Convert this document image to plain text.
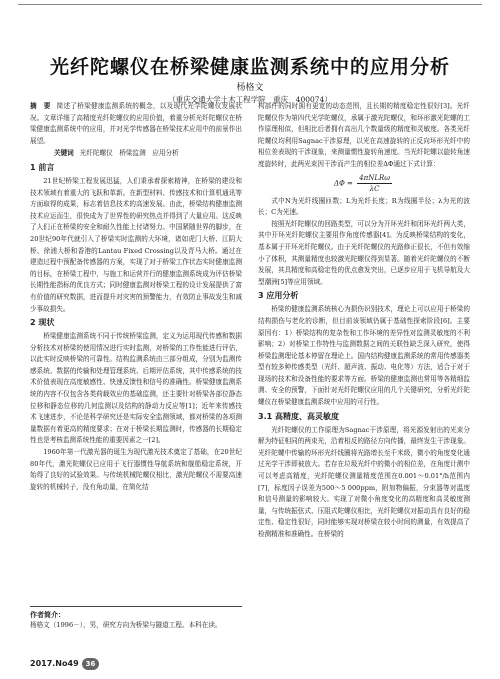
光纤陀螺仪在桥梁健康监测系统中的应用分析
杨格文
（重庆交通大学土木工程学院　重庆　400074）

摘　要 简述了桥梁健康监测系统的概念，以及现代光学陀螺仪发展状况。文章详细了高精度光纤陀螺仪的应用价值，着重分析光纤陀螺仪在桥梁健康监测系统中的应用，并对光学传感器在桥梁技术应用中的前景作出展望。

关键词 光纤陀螺仪　桥梁监测　应用分析

1 前言

21世纪桥梁工程发展迅猛，人们秉承着探索精神，在桥梁的建设和技术领域有着重大的飞跃和革新。在新型材料、传感技术和计算机通讯等方面取得的成果，标志着信息技术的高速发展。由此，桥梁结构健康监测技术应运而生，很快成为了世界性的研究热点并得到了大量应用。这反映了人们正在桥梁的安全和耐久性能上付诸努力。中国紧随世界的脚步，在20世纪90年代就引入了桥梁实时监测的大环境，诸如虎门大桥、江阴大桥、徐浦大桥和香港的Lantau Fixed Crossing以及青马大桥。通过在建造过程中预配备传感器的方案，实现了对于桥梁工作状态实时健康监测的目标，在桥梁工程中，与施工和运营并行的健康监测系统成为评估桥梁长期性能指标的优良方式；同时健康监测对桥梁工程的设计发展提供了富有价值的研究数据，进而提升对灾害的预警能力，有效防止事故发生和减少事故损失。

2 现状

桥梁健康监测系统不同于传统桥梁监测，定义为运用现代传感和数据分析技术对桥梁的使用情况进行实时监测，对桥梁的工作性能进行评估，以此实时反映桥梁的可靠性。结构监测系统由三部分组成，分别为监测传感系统、数据的传输和处理管理系统、后期评估系统，其中传感系统的技术价值表现在高度敏感性、快速反馈性和信号的准确性。桥梁健康监测系统的内容不仅包含各类荷载效应的基础监测，还主要针对桥梁各部位静态位移和静态位移的几何监测以及结构的静动力反应等[1]；近年来传感技术飞速进步，不论是科学研究还是实际安全监测领域，都对桥梁的各项测量数据有着更高的精度要求；在对于桥梁长期监测时，传感器的长期稳定性也是考核监测系统性能的重要因素之一[2]。

1960年第一代激光器的诞生为现代激光技术奠定了基础，在20世纪80年代，激光陀螺仪已应用于飞行器惯性导航系统和舰船稳定系统，开始得了良好的试验效果。与传统机械陀螺仪相比，激光陀螺仪不需要高速旋转的机械转子，没有角动量，在简化结

构部件的同时拥有更宽的动态范围，且长期的精度稳定性很好[3]。光纤陀螺仪作为第四代光学陀螺仪，承属于激光陀螺仪，和环形激光陀螺的工作原理相似，但相比后者拥有高出几个数量级的精度和灵敏度。各类光纤陀螺仪均利用Sagnac干涉原理，以光在高速旋转的正反向环形光纤中的相位差表现的干涉现象，来测量惯性旋转角速度。当光纤陀螺以旋转角速度旋转时，此两光束因干涉而产生的相位差ΔΦ通过下式计算：

$\Delta\Phi = \frac{\text{4πNLRω}}{\lambda C}$

式中N为光纤线圈匝数；L为光纤长度；R为线圈半径；λ为光的波长；C为光速。

按照光纤陀螺仪的回路类型，可以分为开环光纤和闭环光纤两大类，其中开环光纤陀螺仪主要用作角度传感器[4]。为反映桥梁结构的变化，基本属于开环光纤陀螺仪。由于光纤陀螺仪的光路修正很长，不但有效缩小了体积，其测量精度也较激光陀螺仪得到显著。随着光纤陀螺仪的不断发展，其具精度和高稳定性的优点愈发突出，已逐步应用于飞机导航及大型潮洲[5]等应用领域。

3 应用分析

桥梁的健康监测系统核心为损伤识别技术，理论上可以应用于桥梁的结构损伤与老化的诊断，但目前该领域仍属于基础性探索阶段[6]。主要原因有：1）桥梁结构的复杂性和工作环境的差异性对监测灵敏度的不利影响；2）对桥梁工作特性与监测数据之间的关联性缺乏深入研究，使得桥梁监测理论基本停留在理论上。国内结构健康监测系统的常用传感器类型有较多种传感类型（光纤、超声波、振动、电化等）方法，适合于对于现场的技术和设备性能的要求等方面。桥梁的健康监测也常用等各精细监测、安全的预警，下面针对光纤陀螺仪应用的几个关键研究，分析光纤陀螺仪在桥梁健康监测系统中应用的可行性。

3.1 高精度、高灵敏度

光纤陀螺仪的工作原理为Sagnac干涉原理，将光源发射出的光束分解为特征相同的两束光，沿着相反的路径方向传播，最终发生干涉现象。光纤陀螺中传输的环形光纤线圈将光路增长至千米级，微小的角度变化通过光学干涉即被放大。若存在垃圾光纤中的微小的相位差，在角度计测中可以考虑高精度，光纤陀螺仪测量精度范围在0.001～0.01°/h范围内[7]，标度因子误差为500～5 000ppm，附加物偏振，分束器等对温度和信号测量的影响较大。实现了对微小角度变化的高精度和高灵敏度测量，与传统振弦式、压阻式陀螺仪相比，光纤陀螺仪对振动具有良好的稳定性、稳定性很好，同时能够实现对桥梁在较小时间的测量，有效提高了检测精准和准确性。在桥梁的

作者简介：
杨格文（1996－），男，研究方向为桥梁与隧道工程。本科在读。
2017.No49 36
